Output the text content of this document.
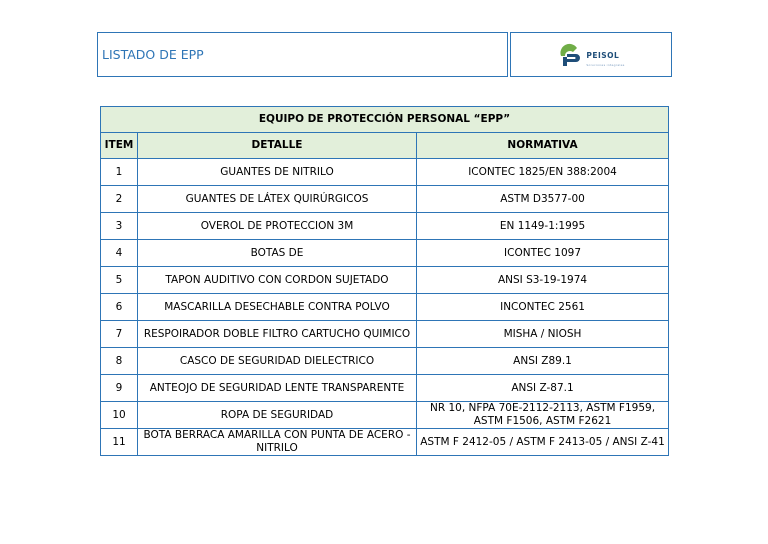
LISTADO DE EPP	PEISOL
Soluciones integrales
EQUIPO DE PROTECCIÓN PERSONAL “EPP”		
ITEM	DETALLE	NORMATIVA
1	GUANTES DE NITRILO	ICONTEC 1825/EN 388:2004
2	GUANTES DE LÁTEX QUIRÚRGICOS	ASTM D3577-00
3	OVEROL DE PROTECCION 3M	EN 1149-1:1995
4	BOTAS DE	ICONTEC 1097
5	TAPON AUDITIVO CON CORDON SUJETADO	ANSI S3-19-1974
6	MASCARILLA DESECHABLE CONTRA POLVO	INCONTEC 2561
7	RESPOIRADOR DOBLE FILTRO CARTUCHO QUIMICO	MISHA / NIOSH
8	CASCO DE SEGURIDAD DIELECTRICO	ANSI Z89.1
9	ANTEOJO DE SEGURIDAD LENTE TRANSPARENTE	ANSI Z-87.1
10	ROPA DE SEGURIDAD	NR 10, NFPA 70E-2112-2113, ASTM F1959, ASTM F1506, ASTM F2621
11	BOTA BERRACA AMARILLA CON PUNTA DE ACERO - NITRILO	ASTM F 2412-05 / ASTM F 2413-05 / ANSI Z-41
